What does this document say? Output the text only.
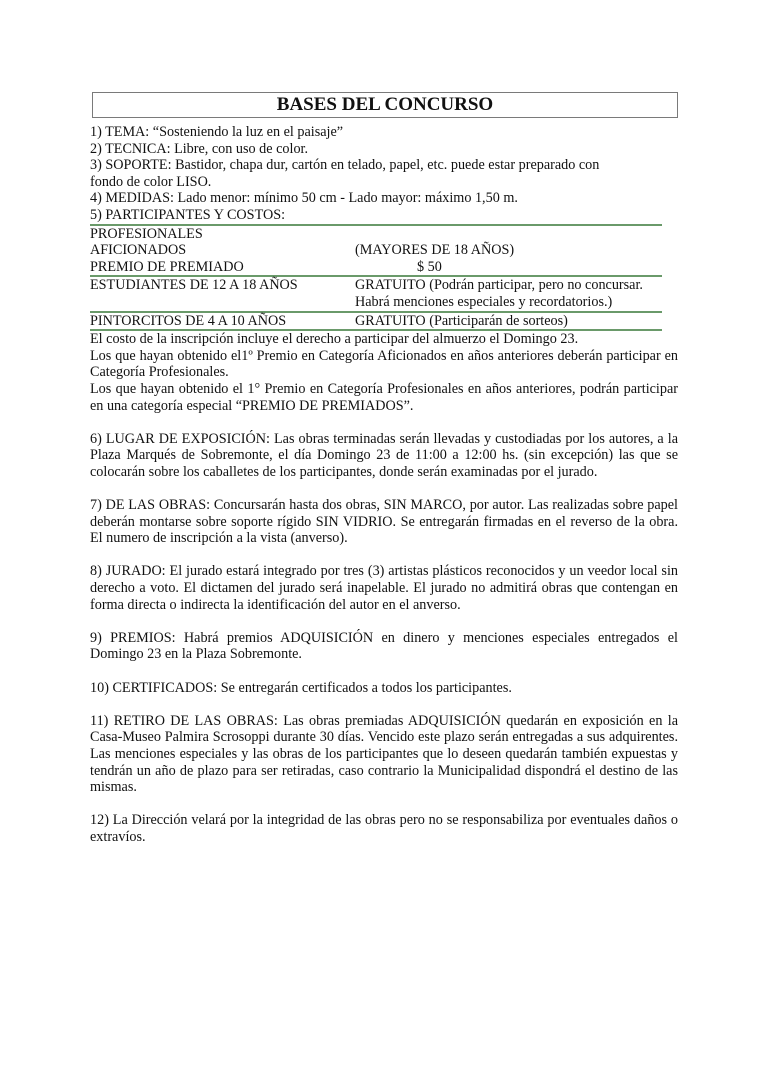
BASES DEL CONCURSO
1) TEMA: “Sosteniendo la luz en el paisaje”
2) TECNICA: Libre, con uso de color.
3) SOPORTE: Bastidor, chapa dur, cartón en telado, papel, etc. puede estar preparado con
fondo de color LISO.
4) MEDIDAS: Lado menor: mínimo 50 cm - Lado mayor: máximo 1,50 m.
5) PARTICIPANTES Y COSTOS:
PROFESIONALES	
AFICIONADOS	(MAYORES DE 18 AÑOS)
PREMIO DE PREMIADO	$ 50
ESTUDIANTES DE 12 A 18 AÑOS	GRATUITO (Podrán participar, pero no concursar. Habrá menciones especiales y recordatorios.)
PINTORCITOS DE 4 A 10 AÑOS	GRATUITO (Participarán de sorteos)
El costo de la inscripción incluye el derecho a participar del almuerzo el Domingo 23.
Los que hayan obtenido el1º Premio en Categoría Aficionados en años anteriores deberán participar en Categoría Profesionales.
Los que hayan obtenido el 1° Premio en Categoría Profesionales en años anteriores, podrán participar en una categoría especial “PREMIO DE PREMIADOS”.
6) LUGAR DE EXPOSICIÓN: Las obras terminadas serán llevadas y custodiadas por los autores, a la Plaza Marqués de Sobremonte, el día Domingo 23 de 11:00 a 12:00 hs. (sin excepción) las que se colocarán sobre los caballetes de los participantes, donde serán examinadas por el jurado.
7) DE LAS OBRAS: Concursarán hasta dos obras, SIN MARCO, por autor. Las realizadas sobre papel deberán montarse sobre soporte rígido SIN VIDRIO. Se entregarán firmadas en el reverso de la obra. El numero de inscripción a la vista (anverso).
8) JURADO: El jurado estará integrado por tres (3) artistas plásticos reconocidos y un veedor local sin derecho a voto. El dictamen del jurado será inapelable. El jurado no admitirá obras que contengan en forma directa o indirecta la identificación del autor en el anverso.
9) PREMIOS: Habrá premios ADQUISICIÓN en dinero y menciones especiales entregados el Domingo 23 en la Plaza Sobremonte.
10) CERTIFICADOS: Se entregarán certificados a todos los participantes.
11) RETIRO DE LAS OBRAS: Las obras premiadas ADQUISICIÓN quedarán en exposición en la Casa-Museo Palmira Scrosoppi durante 30 días. Vencido este plazo serán entregadas a sus adquirentes. Las menciones especiales y las obras de los participantes que lo deseen quedarán también expuestas y tendrán un año de plazo para ser retiradas, caso contrario la Municipalidad dispondrá el destino de las mismas.
12) La Dirección velará por la integridad de las obras pero no se responsabiliza por eventuales daños o extravíos.
